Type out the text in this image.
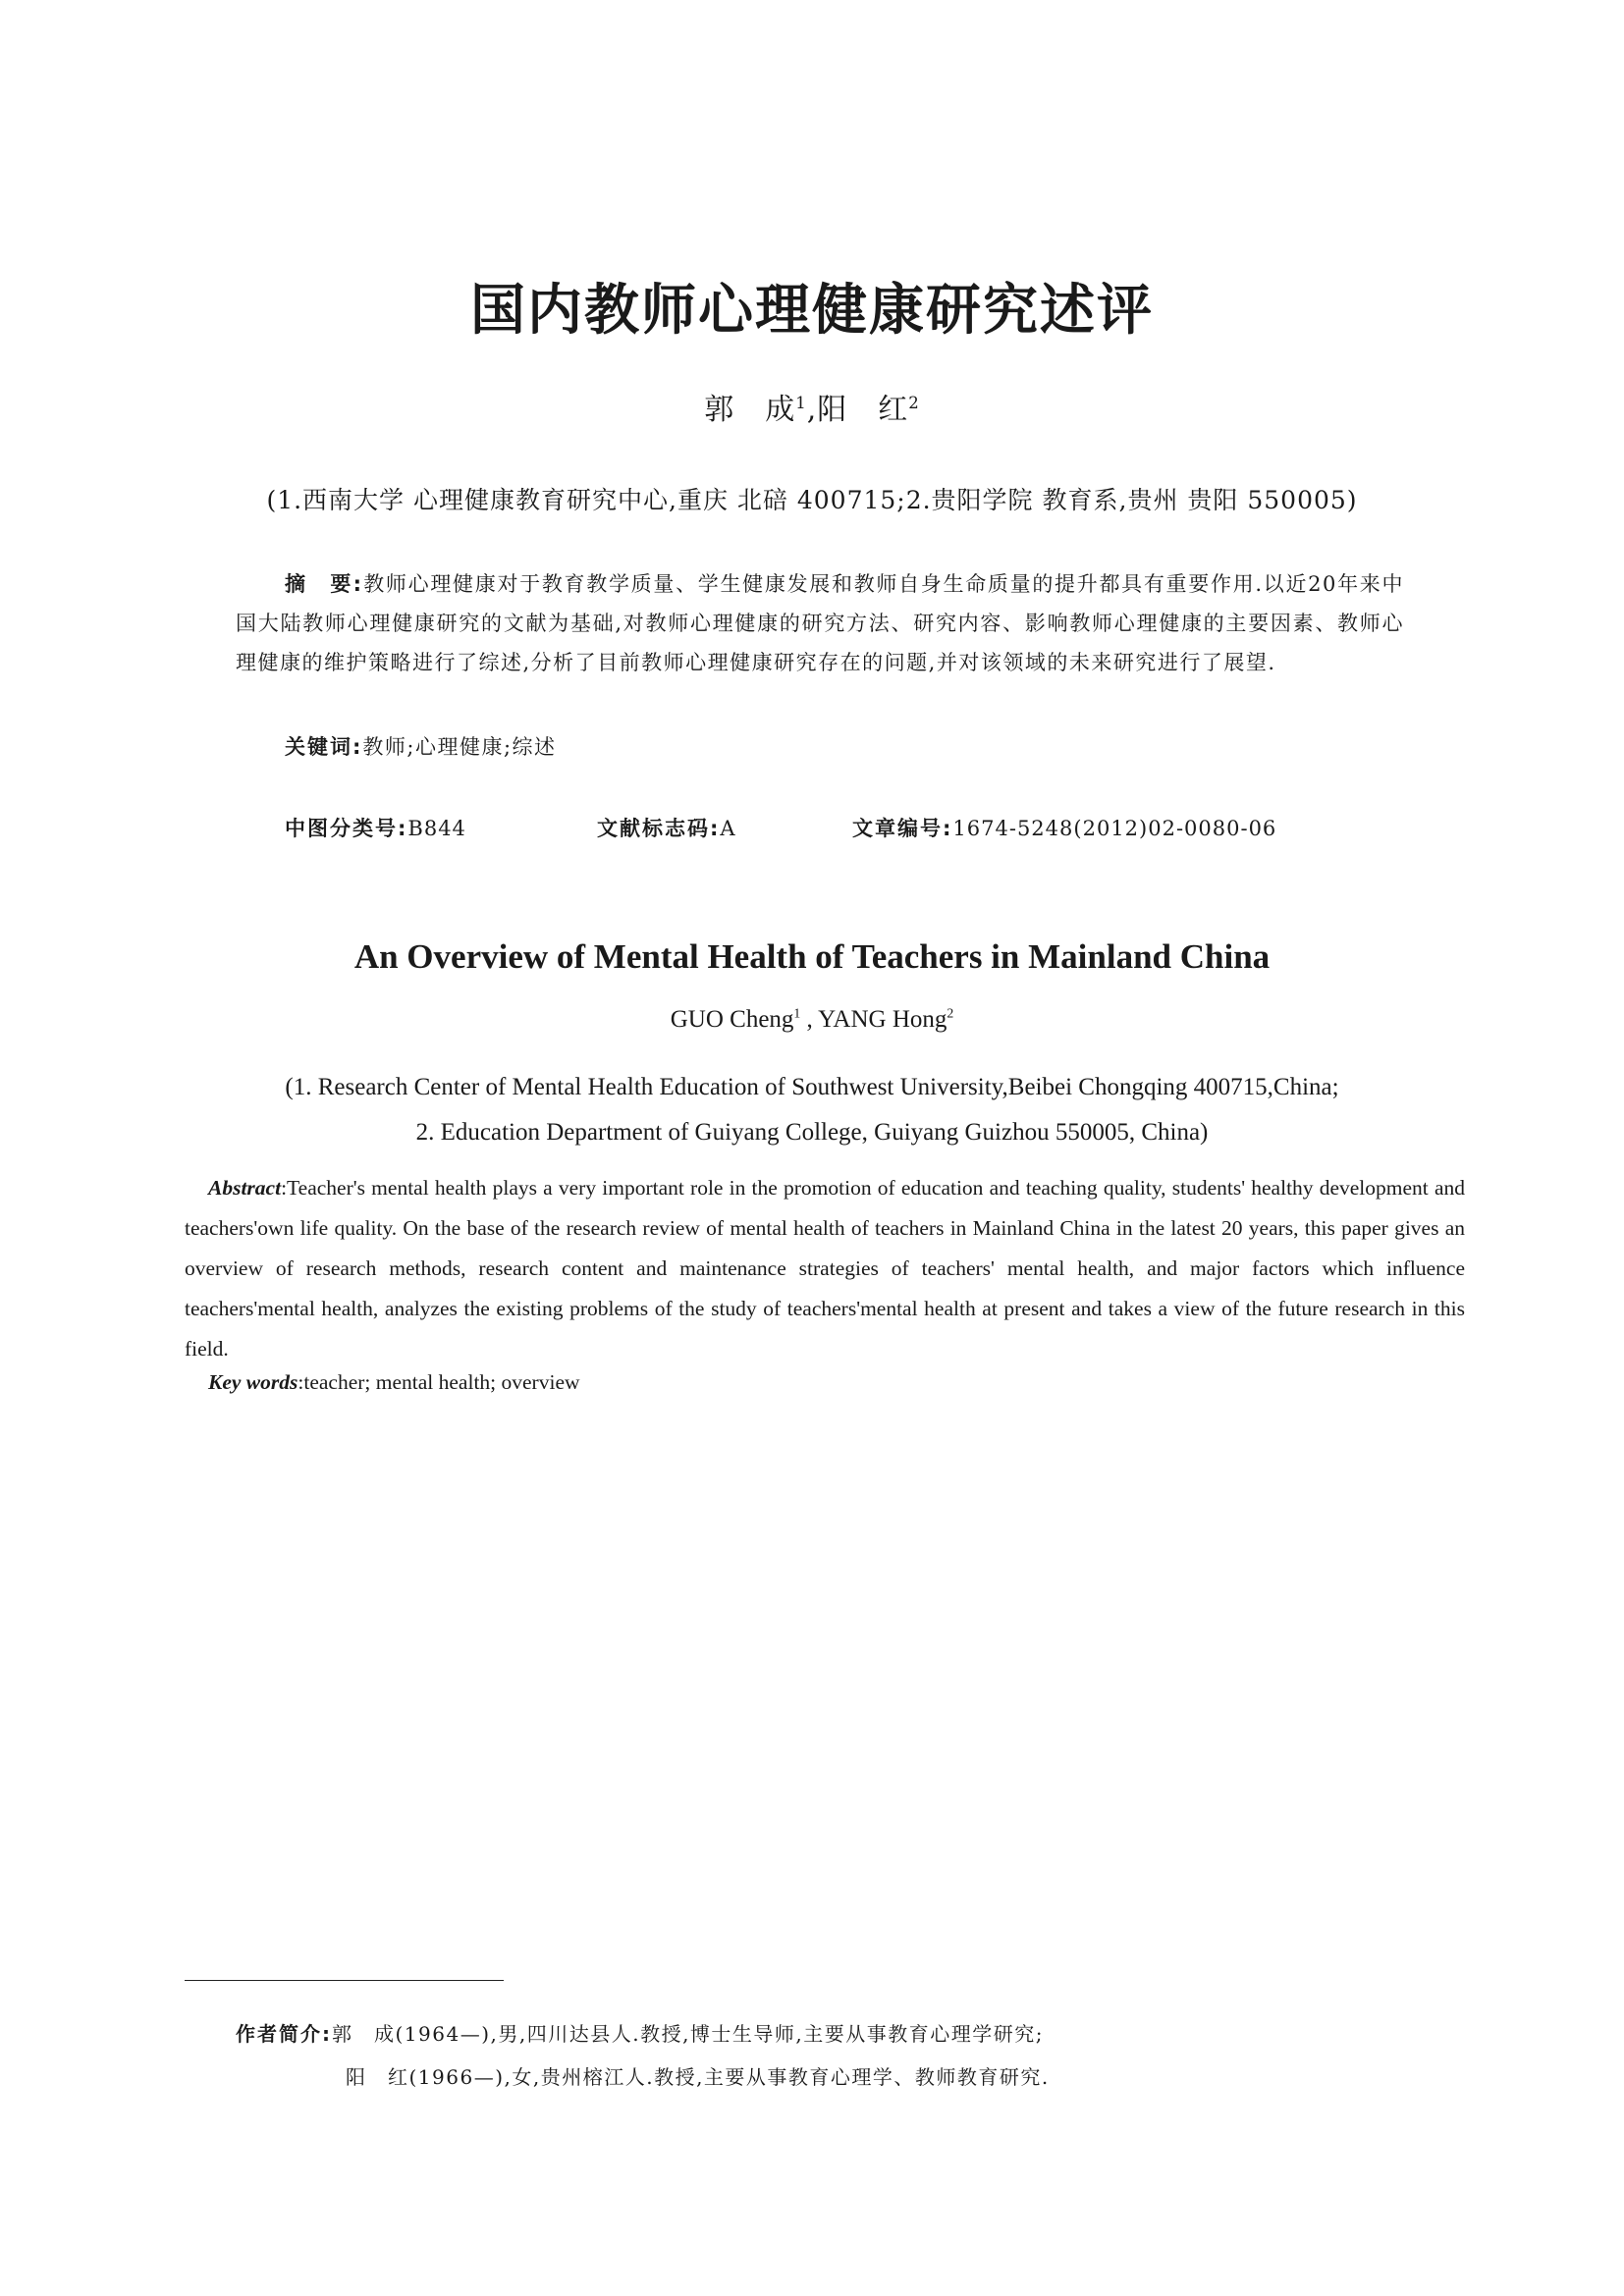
国内教师心理健康研究述评
郭　成$^1$,阳　红$^2$
(1.西南大学 心理健康教育研究中心,重庆 北碚 400715;2.贵阳学院 教育系,贵州 贵阳 550005)
摘　要:教师心理健康对于教育教学质量、学生健康发展和教师自身生命质量的提升都具有重要作用.以近20年来中国大陆教师心理健康研究的文献为基础,对教师心理健康的研究方法、研究内容、影响教师心理健康的主要因素、教师心理健康的维护策略进行了综述,分析了目前教师心理健康研究存在的问题,并对该领域的未来研究进行了展望.
关键词:教师;心理健康;综述
中图分类号:B844	文献标志码:A	文章编号:1674-5248(2012)02-0080-06
An Overview of Mental Health of Teachers in Mainland China
GUO Cheng$^1$ , YANG Hong$^2$
(1. Research Center of Mental Health Education of Southwest University,Beibei Chongqing 400715,China;
2. Education Department of Guiyang College, Guiyang Guizhou 550005, China)
Abstract:Teacher's mental health plays a very important role in the promotion of education and teaching quality, students' healthy development and teachers'own life quality. On the base of the research review of mental health of teachers in Mainland China in the latest 20 years, this paper gives an overview of research methods, research content and maintenance strategies of teachers' mental health, and major factors which influence teachers'mental health, analyzes the existing problems of the study of teachers'mental health at present and takes a view of the future research in this field.
Key words:teacher; mental health; overview
作者简介:郭　成(1964—),男,四川达县人.教授,博士生导师,主要从事教育心理学研究;
阳　红(1966—),女,贵州榕江人.教授,主要从事教育心理学、教师教育研究.
